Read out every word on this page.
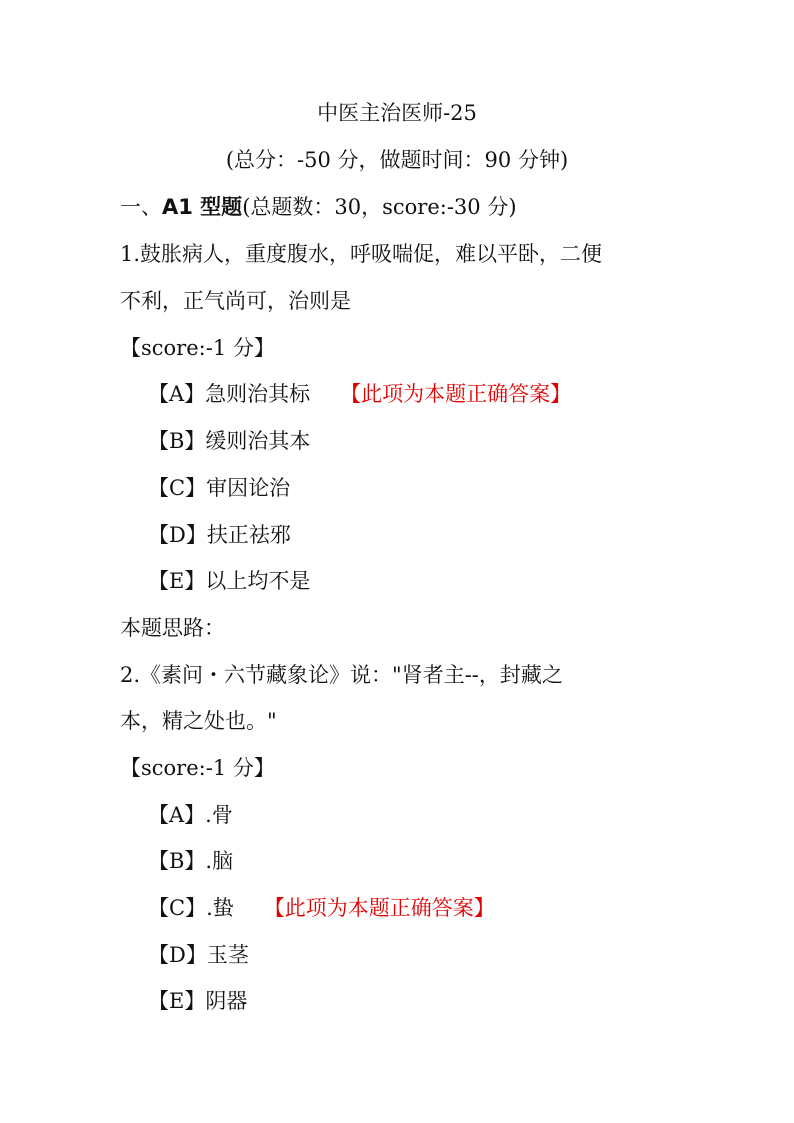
中医主治医师-25
(总分：-50 分，做题时间：90 分钟)
一、A1 型题(总题数：30，score:-30 分)
1.鼓胀病人，重度腹水，呼吸喘促，难以平卧，二便
不利，正气尚可，治则是
【score:-1 分】
【A】急则治其标 【此项为本题正确答案】
【B】缓则治其本
【C】审因论治
【D】扶正祛邪
【E】以上均不是
本题思路：
2.《素问・六节藏象论》说："肾者主--，封藏之
本，精之处也。"
【score:-1 分】
【A】.骨
【B】.脑
【C】.蛰 【此项为本题正确答案】
【D】玉茎
【E】阴器
